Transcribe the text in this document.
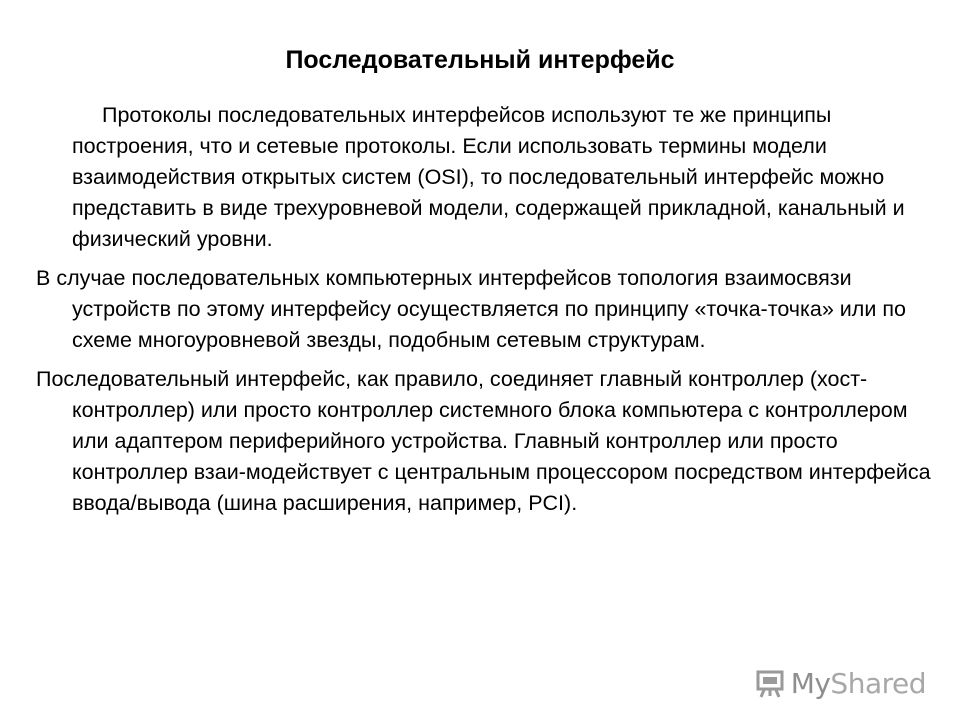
Последовательный интерфейс

Протоколы последовательных интерфейсов используют те же принципы построения, что и сетевые протоколы. Если использовать термины модели взаимодействия открытых систем (OSI), то последовательный интерфейс можно представить в виде трехуровневой модели, содержащей прикладной, канальный и физический уровни.

В случае последовательных компьютерных интерфейсов топология взаимосвязи устройств по этому интерфейсу осуществляется по принципу «точка-точка» или по схеме многоуровневой звезды, подобным сетевым структурам.

Последовательный интерфейс, как правило, соединяет главный контроллер (хост-контроллер) или просто контроллер системного блока компьютера с контроллером или адаптером периферийного устройства. Главный контроллер или просто контроллер взаи-модействует с центральным процессором посредством интерфейса ввода/вывода (шина расширения, например, PCI).

MyShared
